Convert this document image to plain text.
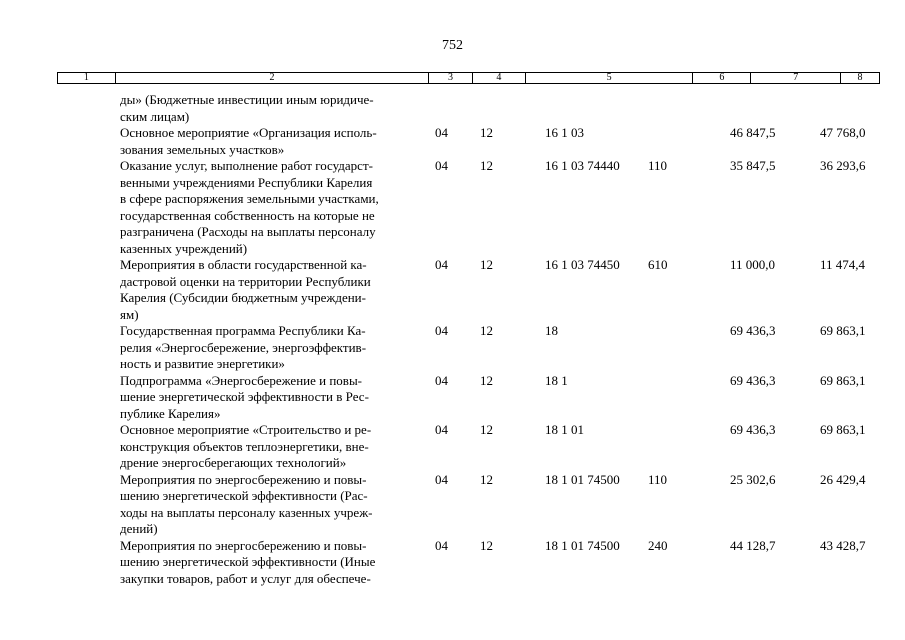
752
1	2	3	4	5	6	7	8
ды» (Бюджетные инвестиции иным юридиче-
ским лицам)
Основное мероприятие «Организация исполь-
зования земельных участков»
04 12	16 1 03	46 847,5	47 768,0
Оказание услуг, выполнение работ государст-
венными учреждениями Республики Карелия
в сфере распоряжения земельными участками,
государственная собственность на которые не
разграничена (Расходы на выплаты персоналу
казенных учреждений)
04 12	16 1 03 74440 110	35 847,5	36 293,6
Мероприятия в области государственной ка-
дастровой оценки на территории Республики
Карелия (Субсидии бюджетным учреждени-
ям)
04 12	16 1 03 74450 610	11 000,0	11 474,4
Государственная программа Республики Ка-
релия «Энергосбережение, энергоэффектив-
ность и развитие энергетики»
04 12	18	69 436,3	69 863,1
Подпрограмма «Энергосбережение и повы-
шение энергетической эффективности в Рес-
публике Карелия»
04 12	18 1	69 436,3	69 863,1
Основное мероприятие «Строительство и ре-
конструкция объектов теплоэнергетики, вне-
дрение энергосберегающих технологий»
04 12	18 1 01	69 436,3	69 863,1
Мероприятия по энергосбережению и повы-
шению энергетической эффективности (Рас-
ходы на выплаты персоналу казенных учреж-
дений)
04 12	18 1 01 74500 110	25 302,6	26 429,4
Мероприятия по энергосбережению и повы-
шению энергетической эффективности (Иные
закупки товаров, работ и услуг для обеспече-
04 12	18 1 01 74500 240	44 128,7	43 428,7
